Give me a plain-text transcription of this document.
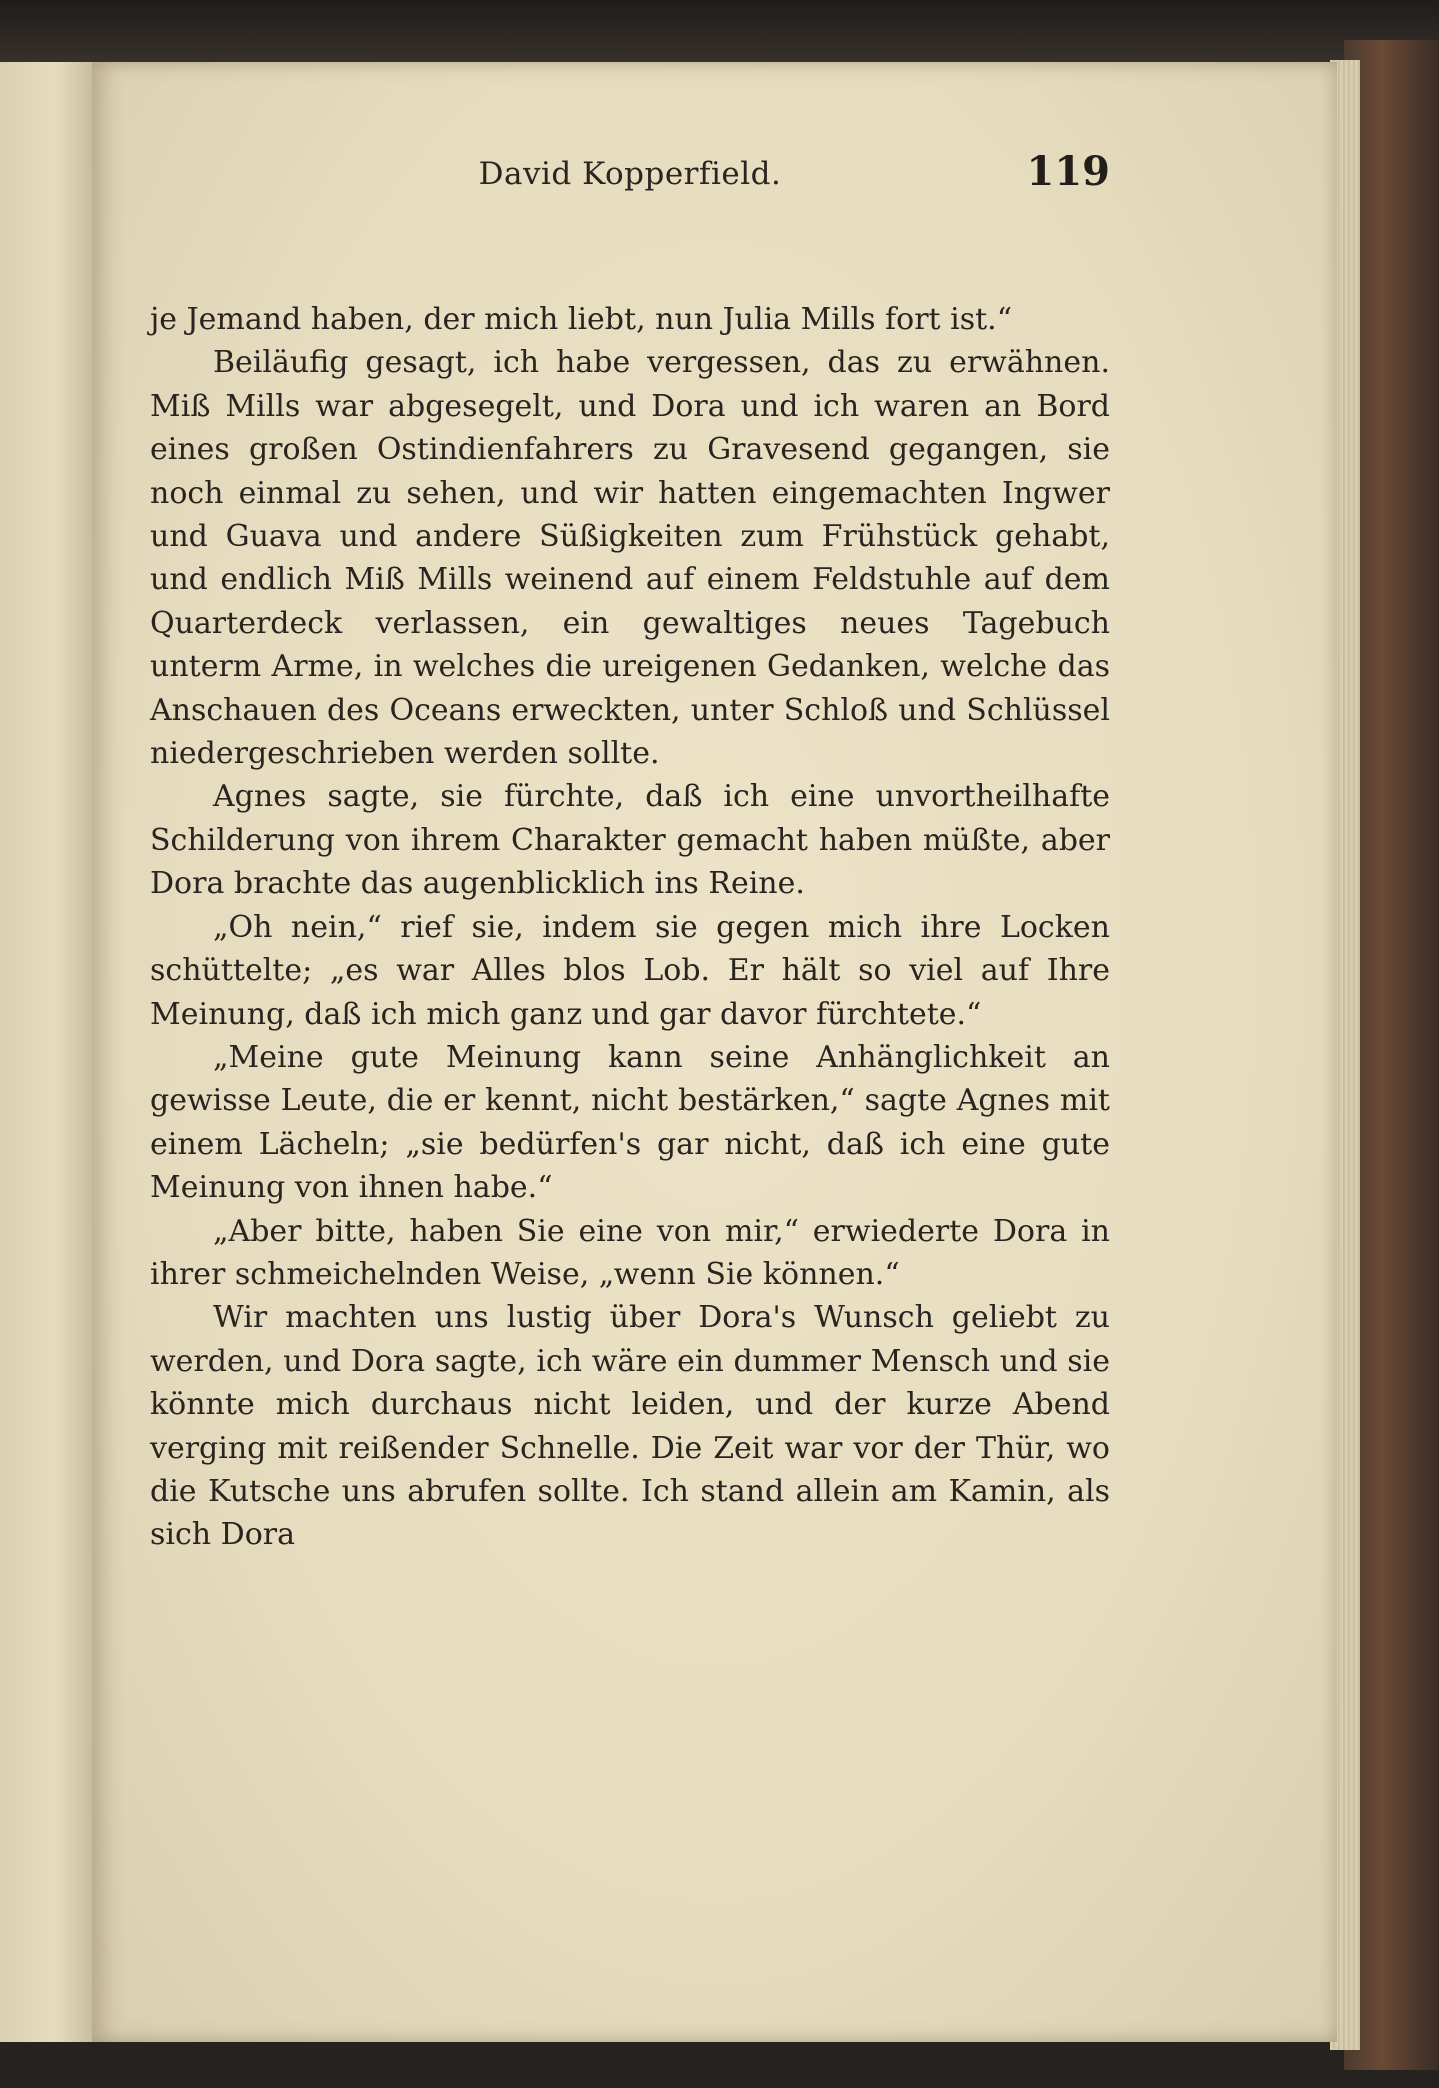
David Kopperfield.	119

je Jemand haben, der mich liebt, nun Julia Mills fort ist.“

Beiläufig gesagt, ich habe vergessen, das zu erwähnen. Miß Mills war abgesegelt, und Dora und ich waren an Bord eines großen Ostindienfahrers zu Gravesend gegangen, sie noch einmal zu sehen, und wir hatten eingemachten Ingwer und Guava und andere Süßigkeiten zum Frühstück gehabt, und endlich Miß Mills weinend auf einem Feldstuhle auf dem Quarterdeck verlassen, ein gewaltiges neues Tagebuch unterm Arme, in welches die ureigenen Gedanken, welche das Anschauen des Oceans erweckten, unter Schloß und Schlüssel niedergeschrieben werden sollte.

Agnes sagte, sie fürchte, daß ich eine unvortheilhafte Schilderung von ihrem Charakter gemacht haben müßte, aber Dora brachte das augenblicklich ins Reine.

„Oh nein,“ rief sie, indem sie gegen mich ihre Locken schüttelte; „es war Alles blos Lob. Er hält so viel auf Ihre Meinung, daß ich mich ganz und gar davor fürchtete.“

„Meine gute Meinung kann seine Anhänglichkeit an gewisse Leute, die er kennt, nicht bestärken,“ sagte Agnes mit einem Lächeln; „sie bedürfen's gar nicht, daß ich eine gute Meinung von ihnen habe.“

„Aber bitte, haben Sie eine von mir,“ erwiederte Dora in ihrer schmeichelnden Weise, „wenn Sie können.“

Wir machten uns lustig über Dora's Wunsch geliebt zu werden, und Dora sagte, ich wäre ein dummer Mensch und sie könnte mich durchaus nicht leiden, und der kurze Abend verging mit reißender Schnelle. Die Zeit war vor der Thür, wo die Kutsche uns abrufen sollte. Ich stand allein am Kamin, als sich Dora
